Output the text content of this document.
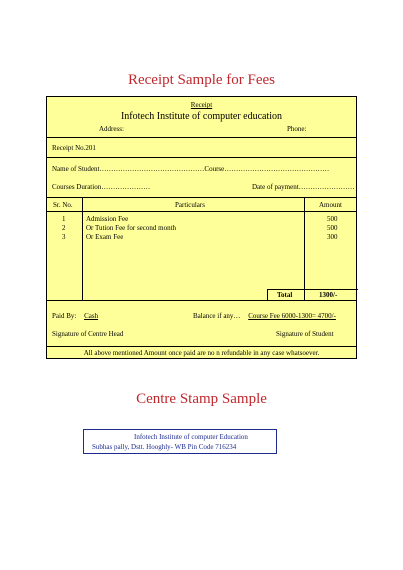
Receipt Sample for Fees
Receipt
Infotech Institute of computer education
Address:	Phone:
Receipt No.201
Name of Student………………………………………Course………………………………………
Courses Duration…………………	Date of payment……………………
Sr. No.	Particulars	Amount
1	Admission Fee	500
2	Or Tution Fee for second month	500
3	Or Exam Fee	300
Total	1300/-
Paid By: Cash	Balance if any… Course Fee 6000-1300= 4700/-
Signature of Centre Head	Signature of Student
All above mentioned Amount once paid are no n refundable in any case whatsoever.
Centre Stamp Sample
Infotech Institute of computer Education
Subhas pally, Dstt. Hooghly- WB Pin Code 716234
